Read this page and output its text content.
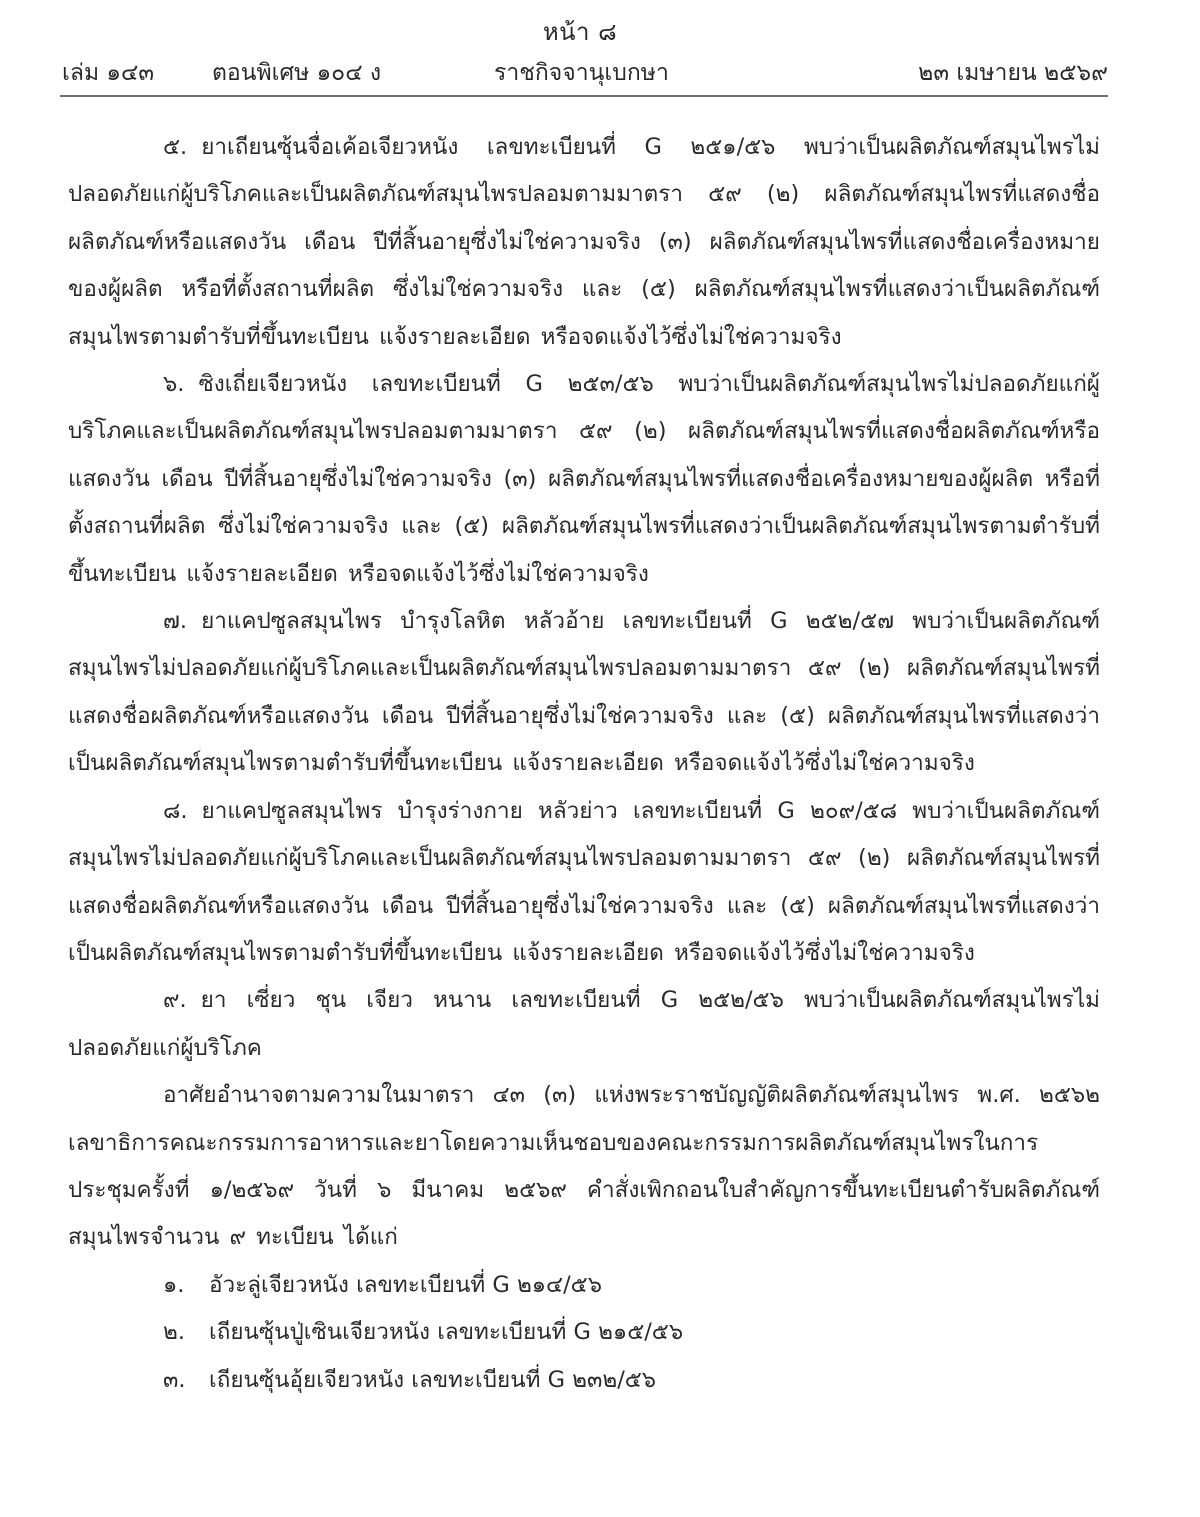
หน้า ๘
เล่ม ๑๔๓	ตอนพิเศษ ๑๐๔ ง	ราชกิจจานุเบกษา	๒๓ เมษายน ๒๕๖๙

๕. ยาเถียนซุ้นจื่อเค้อเจียวหนัง เลขทะเบียนที่ G ๒๕๑/๕๖ พบว่าเป็นผลิตภัณฑ์สมุนไพรไม่ปลอดภัยแก่ผู้บริโภคและเป็นผลิตภัณฑ์สมุนไพรปลอมตามมาตรา ๕๙ (๒) ผลิตภัณฑ์สมุนไพรที่แสดงชื่อผลิตภัณฑ์หรือแสดงวัน เดือน ปีที่สิ้นอายุซึ่งไม่ใช่ความจริง (๓) ผลิตภัณฑ์สมุนไพรที่แสดงชื่อเครื่องหมายของผู้ผลิต หรือที่ตั้งสถานที่ผลิต ซึ่งไม่ใช่ความจริง และ (๕) ผลิตภัณฑ์สมุนไพรที่แสดงว่าเป็นผลิตภัณฑ์สมุนไพรตามตำรับที่ขึ้นทะเบียน แจ้งรายละเอียด หรือจดแจ้งไว้ซึ่งไม่ใช่ความจริง

๖. ซิงเถี่ยเจียวหนัง เลขทะเบียนที่ G ๒๕๓/๕๖ พบว่าเป็นผลิตภัณฑ์สมุนไพรไม่ปลอดภัยแก่ผู้บริโภคและเป็นผลิตภัณฑ์สมุนไพรปลอมตามมาตรา ๕๙ (๒) ผลิตภัณฑ์สมุนไพรที่แสดงชื่อผลิตภัณฑ์หรือแสดงวัน เดือน ปีที่สิ้นอายุซึ่งไม่ใช่ความจริง (๓) ผลิตภัณฑ์สมุนไพรที่แสดงชื่อเครื่องหมายของผู้ผลิต หรือที่ตั้งสถานที่ผลิต ซึ่งไม่ใช่ความจริง และ (๕) ผลิตภัณฑ์สมุนไพรที่แสดงว่าเป็นผลิตภัณฑ์สมุนไพรตามตำรับที่ขึ้นทะเบียน แจ้งรายละเอียด หรือจดแจ้งไว้ซึ่งไม่ใช่ความจริง

๗. ยาแคปซูลสมุนไพร บำรุงโลหิต หลัวอ้าย เลขทะเบียนที่ G ๒๕๒/๕๗ พบว่าเป็นผลิตภัณฑ์สมุนไพรไม่ปลอดภัยแก่ผู้บริโภคและเป็นผลิตภัณฑ์สมุนไพรปลอมตามมาตรา ๕๙ (๒) ผลิตภัณฑ์สมุนไพรที่แสดงชื่อผลิตภัณฑ์หรือแสดงวัน เดือน ปีที่สิ้นอายุซึ่งไม่ใช่ความจริง และ (๕) ผลิตภัณฑ์สมุนไพรที่แสดงว่าเป็นผลิตภัณฑ์สมุนไพรตามตำรับที่ขึ้นทะเบียน แจ้งรายละเอียด หรือจดแจ้งไว้ซึ่งไม่ใช่ความจริง

๘. ยาแคปซูลสมุนไพร บำรุงร่างกาย หลัวย่าว เลขทะเบียนที่ G ๒๐๙/๕๘ พบว่าเป็นผลิตภัณฑ์สมุนไพรไม่ปลอดภัยแก่ผู้บริโภคและเป็นผลิตภัณฑ์สมุนไพรปลอมตามมาตรา ๕๙ (๒) ผลิตภัณฑ์สมุนไพรที่แสดงชื่อผลิตภัณฑ์หรือแสดงวัน เดือน ปีที่สิ้นอายุซึ่งไม่ใช่ความจริง และ (๕) ผลิตภัณฑ์สมุนไพรที่แสดงว่าเป็นผลิตภัณฑ์สมุนไพรตามตำรับที่ขึ้นทะเบียน แจ้งรายละเอียด หรือจดแจ้งไว้ซึ่งไม่ใช่ความจริง

๙. ยา เซี่ยว ชุน เจียว หนาน เลขทะเบียนที่ G ๒๕๒/๕๖ พบว่าเป็นผลิตภัณฑ์สมุนไพรไม่ปลอดภัยแก่ผู้บริโภค

อาศัยอำนาจตามความในมาตรา ๔๓ (๓) แห่งพระราชบัญญัติผลิตภัณฑ์สมุนไพร พ.ศ. ๒๕๖๒ เลขาธิการคณะกรรมการอาหารและยาโดยความเห็นชอบของคณะกรรมการผลิตภัณฑ์สมุนไพรในการประชุมครั้งที่ ๑/๒๕๖๙ วันที่ ๖ มีนาคม ๒๕๖๙ คำสั่งเพิกถอนใบสำคัญการขึ้นทะเบียนตำรับผลิตภัณฑ์สมุนไพรจำนวน ๙ ทะเบียน ได้แก่

๑. อัวะลู่เจียวหนัง เลขทะเบียนที่ G ๒๑๔/๕๖

๒. เถียนซุ้นปู่เซินเจียวหนัง เลขทะเบียนที่ G ๒๑๕/๕๖

๓. เถียนซุ้นอุ้ยเจียวหนัง เลขทะเบียนที่ G ๒๓๒/๕๖
